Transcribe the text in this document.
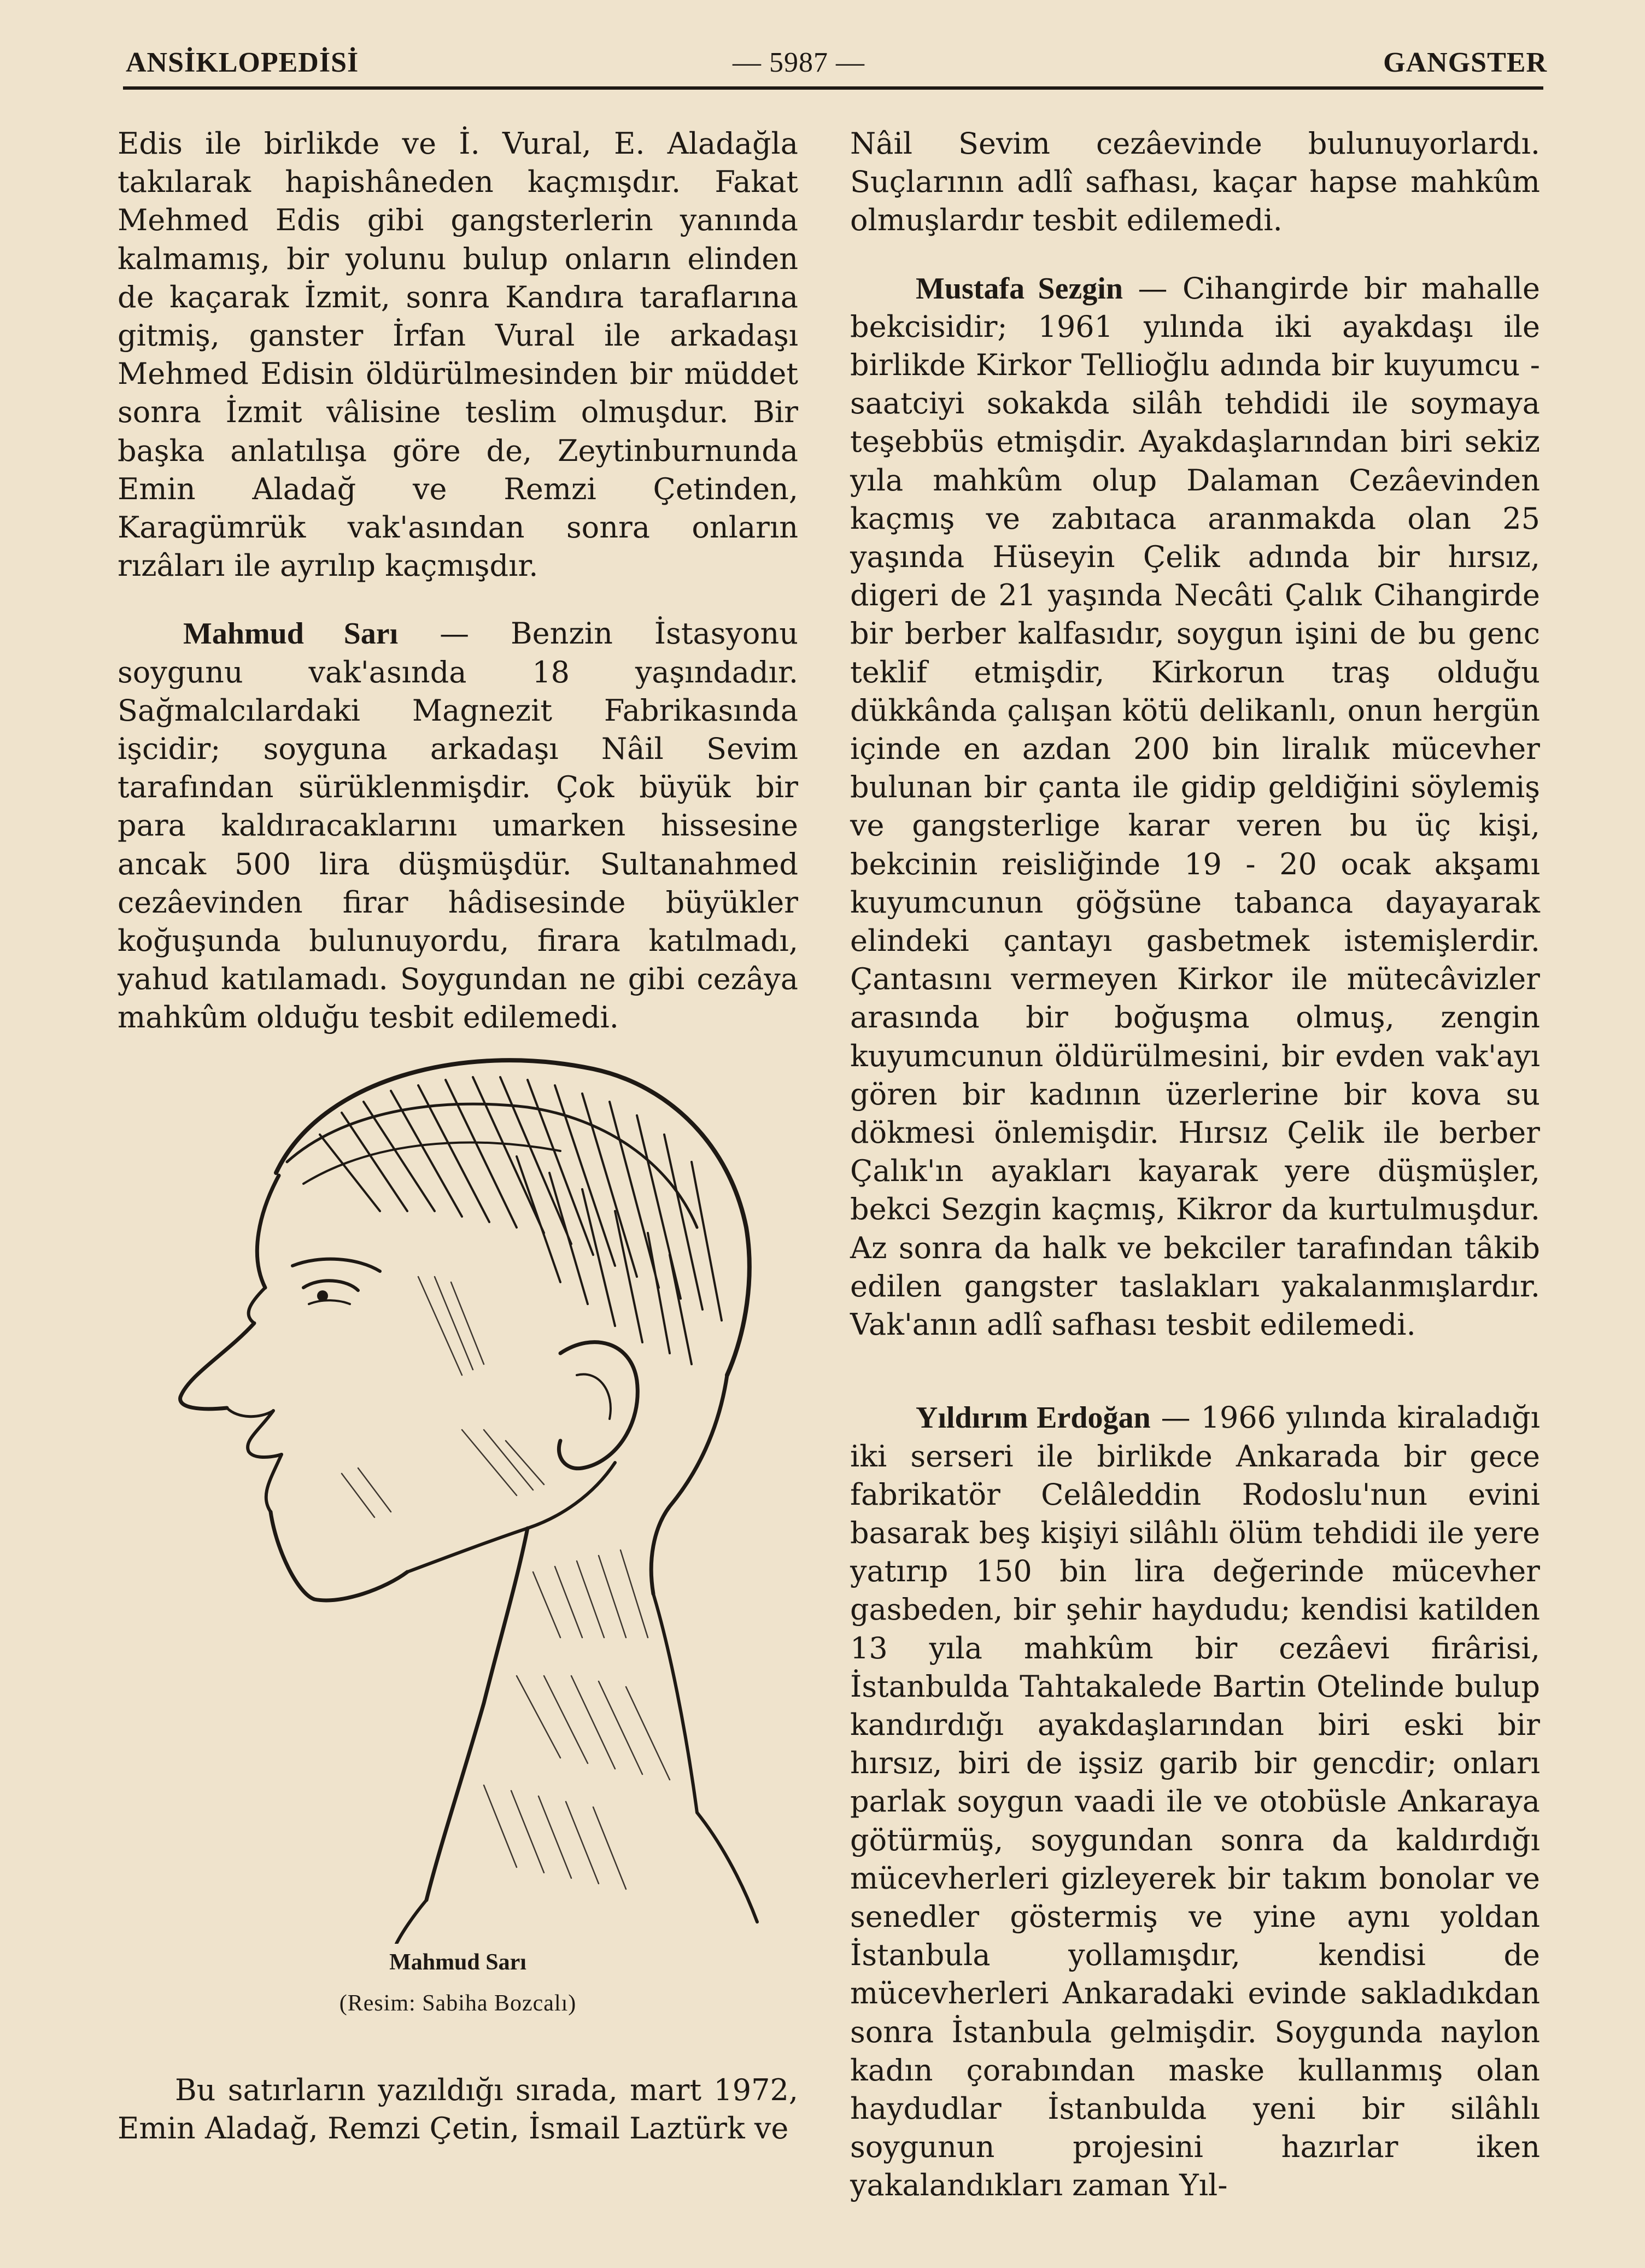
ANSİKLOPEDİSİ	— 5987 —	GANGSTER

Edis ile birlikde ve İ. Vural, E. Aladağla takılarak hapishâneden kaçmışdır. Fakat Mehmed Edis gibi gangsterlerin yanında kalmamış, bir yolunu bulup onların elinden de kaçarak İzmit, sonra Kandıra taraflarına gitmiş, ganster İrfan Vural ile arkadaşı Mehmed Edisin öldürülmesinden bir müddet sonra İzmit vâlisine teslim olmuşdur. Bir başka anlatılışa göre de, Zeytinburnunda Emin Aladağ ve Remzi Çetinden, Karagümrük vak'asından sonra onların rızâları ile ayrılıp kaçmışdır.

Mahmud Sarı — Benzin İstasyonu soygunu vak'asında 18 yaşındadır. Sağmalcılardaki Magnezit Fabrikasında işcidir; soyguna arkadaşı Nâil Sevim tarafından sürüklenmişdir. Çok büyük bir para kaldıracaklarını umarken hissesine ancak 500 lira düşmüşdür. Sultanahmed cezâevinden firar hâdisesinde büyükler koğuşunda bulunuyordu, firara katılmadı, yahud katılamadı. Soygundan ne gibi cezâya mahkûm olduğu tesbit edilemedi.

Mahmud Sarı
(Resim: Sabiha Bozcalı)

Bu satırların yazıldığı sırada, mart 1972, Emin Aladağ, Remzi Çetin, İsmail Laztürk ve

Nâil Sevim cezâevinde bulunuyorlardı. Suçlarının adlî safhası, kaçar hapse mahkûm olmuşlardır tesbit edilemedi.

Mustafa Sezgin — Cihangirde bir mahalle bekcisidir; 1961 yılında iki ayakdaşı ile birlikde Kirkor Tellioğlu adında bir kuyumcu - saatciyi sokakda silâh tehdidi ile soymaya teşebbüs etmişdir. Ayakdaşlarından biri sekiz yıla mahkûm olup Dalaman Cezâevinden kaçmış ve zabıtaca aranmakda olan 25 yaşında Hüseyin Çelik adında bir hırsız, digeri de 21 yaşında Necâti Çalık Cihangirde bir berber kalfasıdır, soygun işini de bu genc teklif etmişdir, Kirkorun traş olduğu dükkânda çalışan kötü delikanlı, onun hergün içinde en azdan 200 bin liralık mücevher bulunan bir çanta ile gidip geldiğini söylemiş ve gangsterlige karar veren bu üç kişi, bekcinin reisliğinde 19 - 20 ocak akşamı kuyumcunun göğsüne tabanca dayayarak elindeki çantayı gasbetmek istemişlerdir. Çantasını vermeyen Kirkor ile mütecâvizler arasında bir boğuşma olmuş, zengin kuyumcunun öldürülmesini, bir evden vak'ayı gören bir kadının üzerlerine bir kova su dökmesi önlemişdir. Hırsız Çelik ile berber Çalık'ın ayakları kayarak yere düşmüşler, bekci Sezgin kaçmış, Kikror da kurtulmuşdur. Az sonra da halk ve bekciler tarafından tâkib edilen gangster taslakları yakalanmışlardır. Vak'anın adlî safhası tesbit edilemedi.

Yıldırım Erdoğan — 1966 yılında kiraladığı iki serseri ile birlikde Ankarada bir gece fabrikatör Celâleddin Rodoslu'nun evini basarak beş kişiyi silâhlı ölüm tehdidi ile yere yatırıp 150 bin lira değerinde mücevher gasbeden, bir şehir haydudu; kendisi katilden 13 yıla mahkûm bir cezâevi firârisi, İstanbulda Tahtakalede Bartin Otelinde bulup kandırdığı ayakdaşlarından biri eski bir hırsız, biri de işsiz garib bir gencdir; onları parlak soygun vaadi ile ve otobüsle Ankaraya götürmüş, soygundan sonra da kaldırdığı mücevherleri gizleyerek bir takım bonolar ve senedler göstermiş ve yine aynı yoldan İstanbula yollamışdır, kendisi de mücevherleri Ankaradaki evinde sakladıkdan sonra İstanbula gelmişdir. Soygunda naylon kadın çorabından maske kullanmış olan haydudlar İstanbulda yeni bir silâhlı soygunun projesini hazırlar iken yakalandıkları zaman Yıl-
